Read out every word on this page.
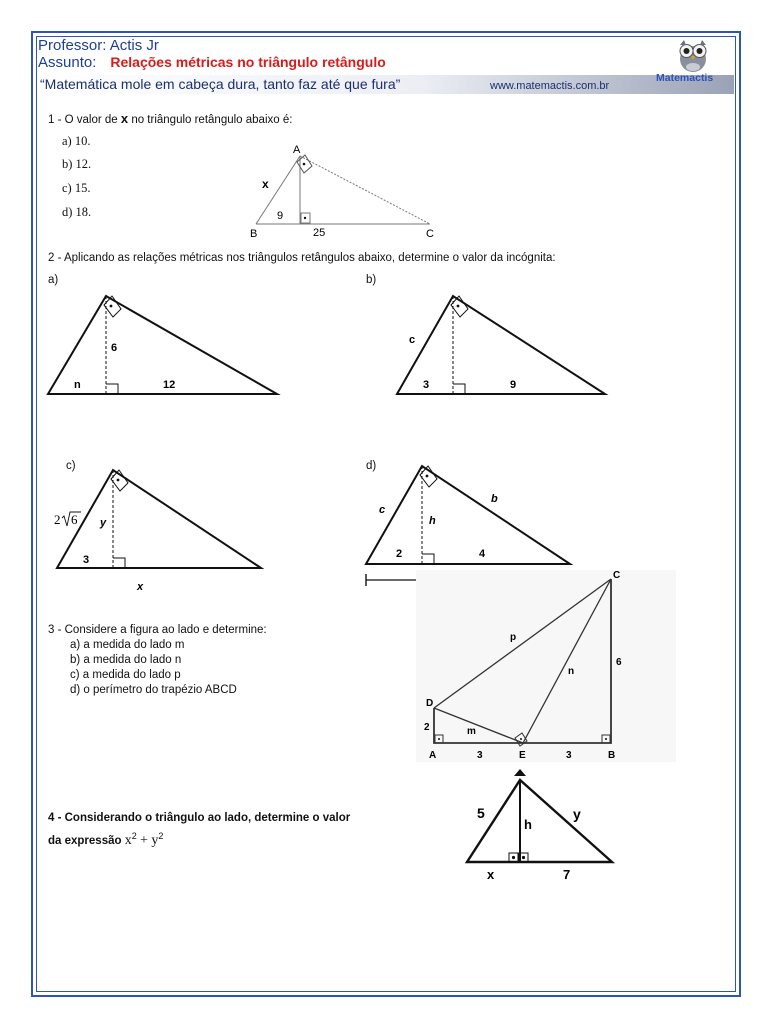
Professor: Actis Jr
Assunto: Relações métricas no triângulo retângulo
“Matemática mole em cabeça dura, tanto faz até que fura”	www.matemactis.com.br
Matemactis
1 - O valor de x no triângulo retângulo abaixo é:
a) 10.
b) 12.
c) 15.
d) 18.
A
B	C
x
9
25
2 - Aplicando as relações métricas nos triângulos retângulos abaixo, determine o valor da incógnita:
a)	b)
c)	d)
6
n	12
c
3	9
2 6 y
3
x
c
b
h
2	4
3 - Considere a figura ao lado e determine:
a) a medida do lado m
b) a medida do lado n
c) a medida do lado p
d) o perímetro do trapézio ABCD
C
D
A	E	B
p
n
m
6
2
3	3
4 - Considerando o triângulo ao lado, determine o valor
da expressão $x^2 + y^2$
5	y
h
x	7
